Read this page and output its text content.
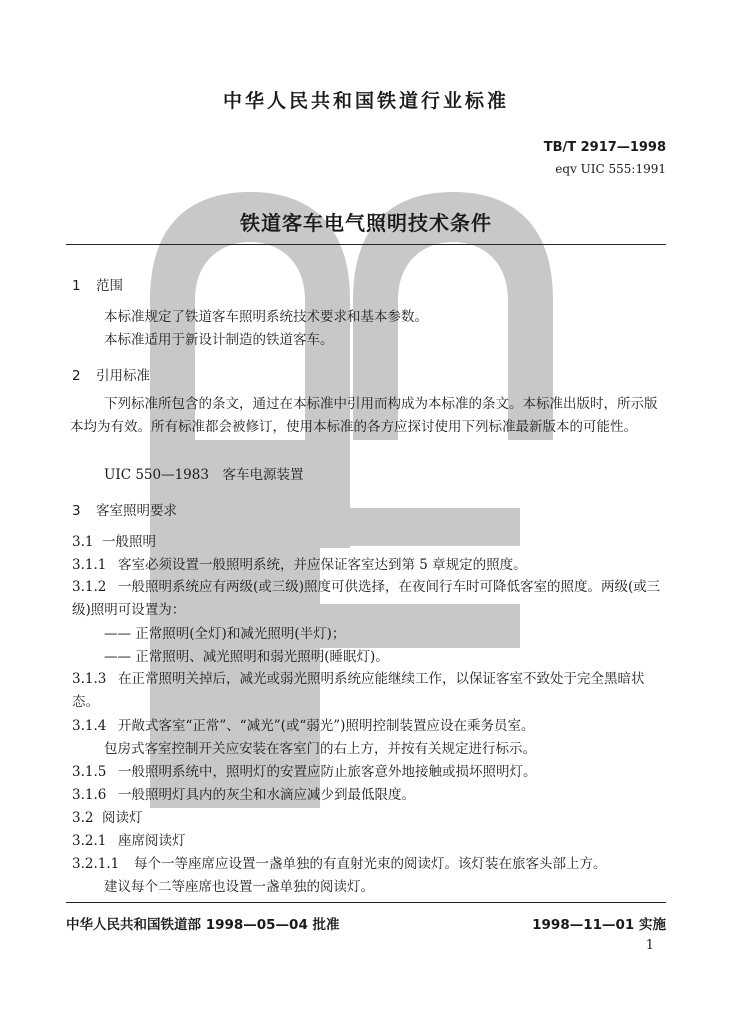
中华人民共和国铁道行业标准
TB/T 2917—1998
eqv UIC 555:1991
铁道客车电气照明技术条件
1 范围

本标准规定了铁道客车照明系统技术要求和基本参数。

本标准适用于新设计制造的铁道客车。

2 引用标准

下列标准所包含的条文，通过在本标准中引用而构成为本标准的条文。本标准出版时，所示版本均为有效。所有标准都会被修订，使用本标准的各方应探讨使用下列标准最新版本的可能性。

UIC 550—1983　客车电源装置

3 客室照明要求
3.1 一般照明
3.1.1 客室必须设置一般照明系统，并应保证客室达到第 5 章规定的照度。

3.1.2 一般照明系统应有两级(或三级)照度可供选择，在夜间行车时可降低客室的照度。两级(或三级)照明可设置为：

—— 正常照明(全灯)和减光照明(半灯)；

—— 正常照明、减光照明和弱光照明(睡眠灯)。

3.1.3 在正常照明关掉后，减光或弱光照明系统应能继续工作，以保证客室不致处于完全黑暗状态。

3.1.4 开敞式客室“正常”、“减光”(或“弱光”)照明控制装置应设在乘务员室。

包房式客室控制开关应安装在客室门的右上方，并按有关规定进行标示。

3.1.5 一般照明系统中，照明灯的安置应防止旅客意外地接触或损坏照明灯。
3.1.6 一般照明灯具内的灰尘和水滴应减少到最低限度。
3.2 阅读灯
3.2.1 座席阅读灯
3.2.1.1 每个一等座席应设置一盏单独的有直射光束的阅读灯。该灯装在旅客头部上方。

建议每个二等座席也设置一盏单独的阅读灯。

中华人民共和国铁道部 1998—05—04 批准	1998—11—01 实施
1
